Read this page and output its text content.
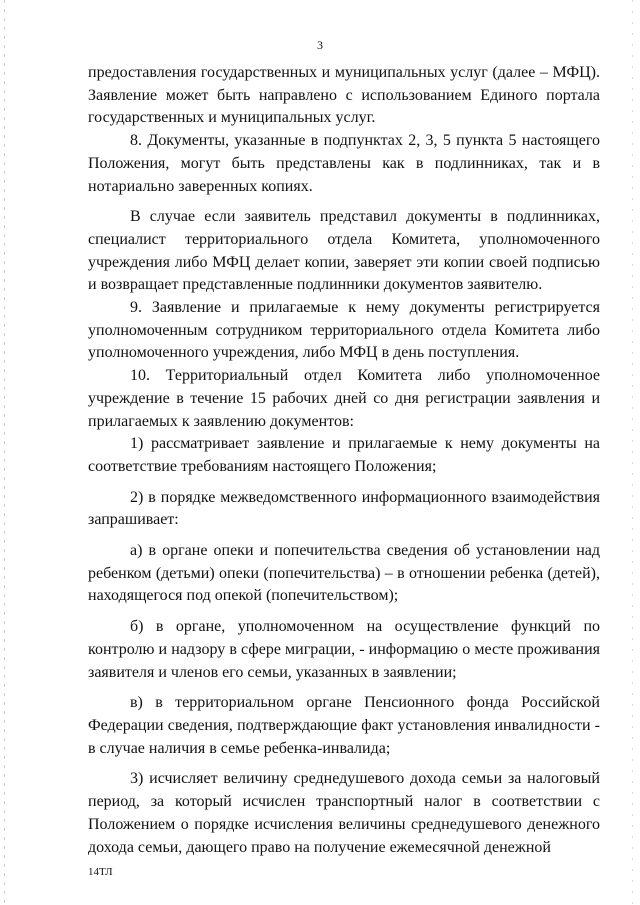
3

предоставления государственных и муниципальных услуг (далее – МФЦ). Заявление может быть направлено с использованием Единого портала государственных и муниципальных услуг.

8. Документы, указанные в подпунктах 2, 3, 5 пункта 5 настоящего Положения, могут быть представлены как в подлинниках, так и в нотариально заверенных копиях.

В случае если заявитель представил документы в подлинниках, специалист территориального отдела Комитета, уполномоченного учреждения либо МФЦ делает копии, заверяет эти копии своей подписью и возвращает представленные подлинники документов заявителю.

9. Заявление и прилагаемые к нему документы регистрируется уполномоченным сотрудником территориального отдела Комитета либо уполномоченного учреждения, либо МФЦ в день поступления.

10. Территориальный отдел Комитета либо уполномоченное учреждение в течение 15 рабочих дней со дня регистрации заявления и прилагаемых к заявлению документов:

1) рассматривает заявление и прилагаемые к нему документы на соответствие требованиям настоящего Положения;

2) в порядке межведомственного информационного взаимодействия запрашивает:

а) в органе опеки и попечительства сведения об установлении над ребенком (детьми) опеки (попечительства) – в отношении ребенка (детей), находящегося под опекой (попечительством);

б) в органе, уполномоченном на осуществление функций по контролю и надзору в сфере миграции, - информацию о месте проживания заявителя и членов его семьи, указанных в заявлении;

в) в территориальном органе Пенсионного фонда Российской Федерации сведения, подтверждающие факт установления инвалидности - в случае наличия в семье ребенка-инвалида;

3) исчисляет величину среднедушевого дохода семьи за налоговый период, за который исчислен транспортный налог в соответствии с Положением о порядке исчисления величины среднедушевого денежного дохода семьи, дающего право на получение ежемесячной денежной

14ТЛ
